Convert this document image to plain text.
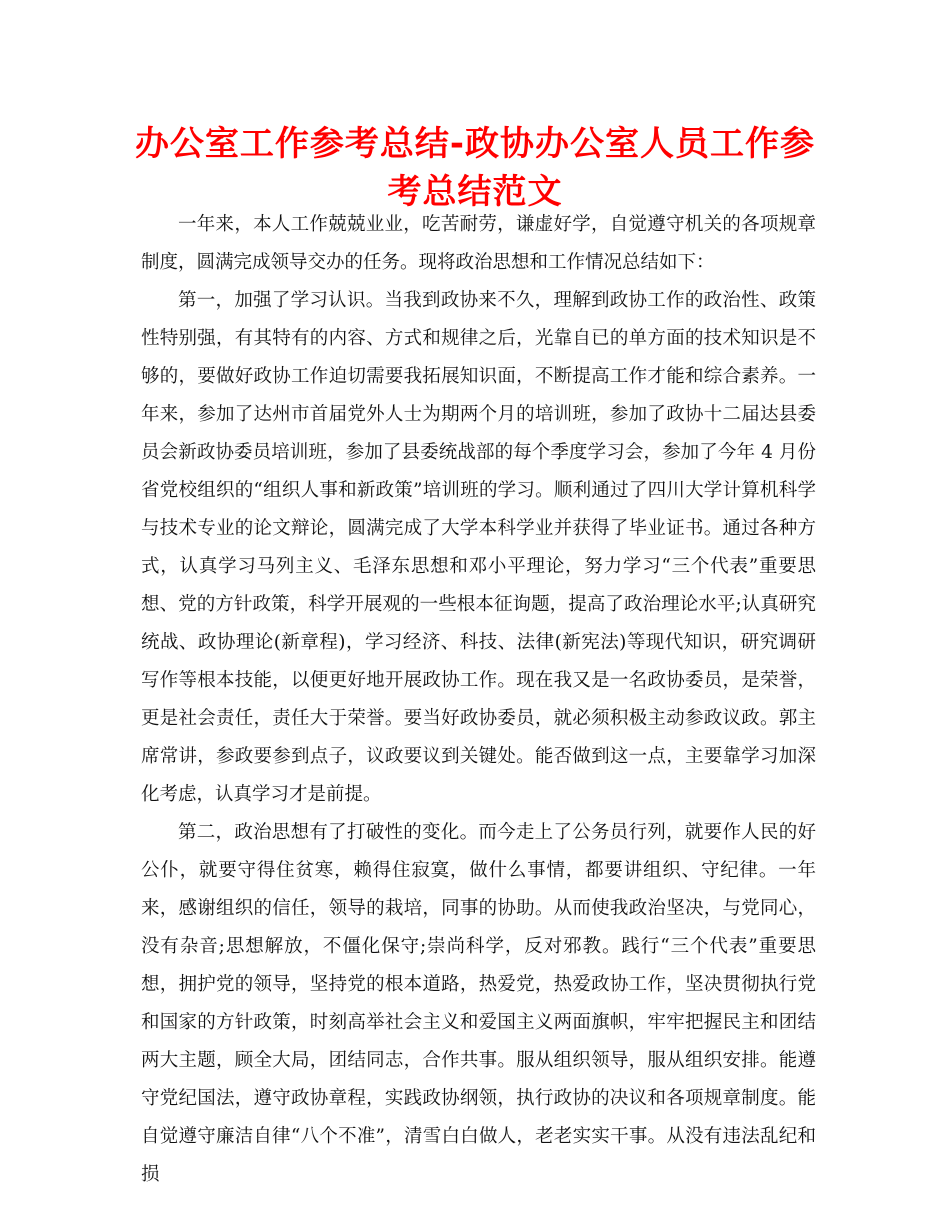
办公室工作参考总结-政协办公室人员工作参考总结范文

一年来，本人工作兢兢业业，吃苦耐劳，谦虚好学，自觉遵守机关的各项规章制度，圆满完成领导交办的任务。现将政治思想和工作情况总结如下：

第一，加强了学习认识。当我到政协来不久，理解到政协工作的政治性、政策性特别强，有其特有的内容、方式和规律之后，光靠自已的单方面的技术知识是不够的，要做好政协工作迫切需要我拓展知识面，不断提高工作才能和综合素养。一年来，参加了达州市首届党外人士为期两个月的培训班，参加了政协十二届达县委员会新政协委员培训班，参加了县委统战部的每个季度学习会，参加了今年 4 月份省党校组织的“组织人事和新政策”培训班的学习。顺利通过了四川大学计算机科学与技术专业的论文辩论，圆满完成了大学本科学业并获得了毕业证书。通过各种方式，认真学习马列主义、毛泽东思想和邓小平理论，努力学习“三个代表”重要思想、党的方针政策，科学开展观的一些根本征询题，提高了政治理论水平;认真研究统战、政协理论(新章程)，学习经济、科技、法律(新宪法)等现代知识，研究调研写作等根本技能，以便更好地开展政协工作。现在我又是一名政协委员，是荣誉，更是社会责任，责任大于荣誉。要当好政协委员，就必须积极主动参政议政。郭主席常讲，参政要参到点子，议政要议到关键处。能否做到这一点，主要靠学习加深化考虑，认真学习才是前提。

第二，政治思想有了打破性的变化。而今走上了公务员行列，就要作人民的好公仆，就要守得住贫寒，赖得住寂寞，做什么事情，都要讲组织、守纪律。一年来，感谢组织的信任，领导的栽培，同事的协助。从而使我政治坚决，与党同心，没有杂音;思想解放，不僵化保守;崇尚科学，反对邪教。践行“三个代表”重要思想，拥护党的领导，坚持党的根本道路，热爱党，热爱政协工作，坚决贯彻执行党和国家的方针政策，时刻高举社会主义和爱国主义两面旗帜，牢牢把握民主和团结两大主题，顾全大局，团结同志，合作共事。服从组织领导，服从组织安排。能遵守党纪国法，遵守政协章程，实践政协纲领，执行政协的决议和各项规章制度。能自觉遵守廉洁自律“八个不准”，清雪白白做人，老老实实干事。从没有违法乱纪和损
